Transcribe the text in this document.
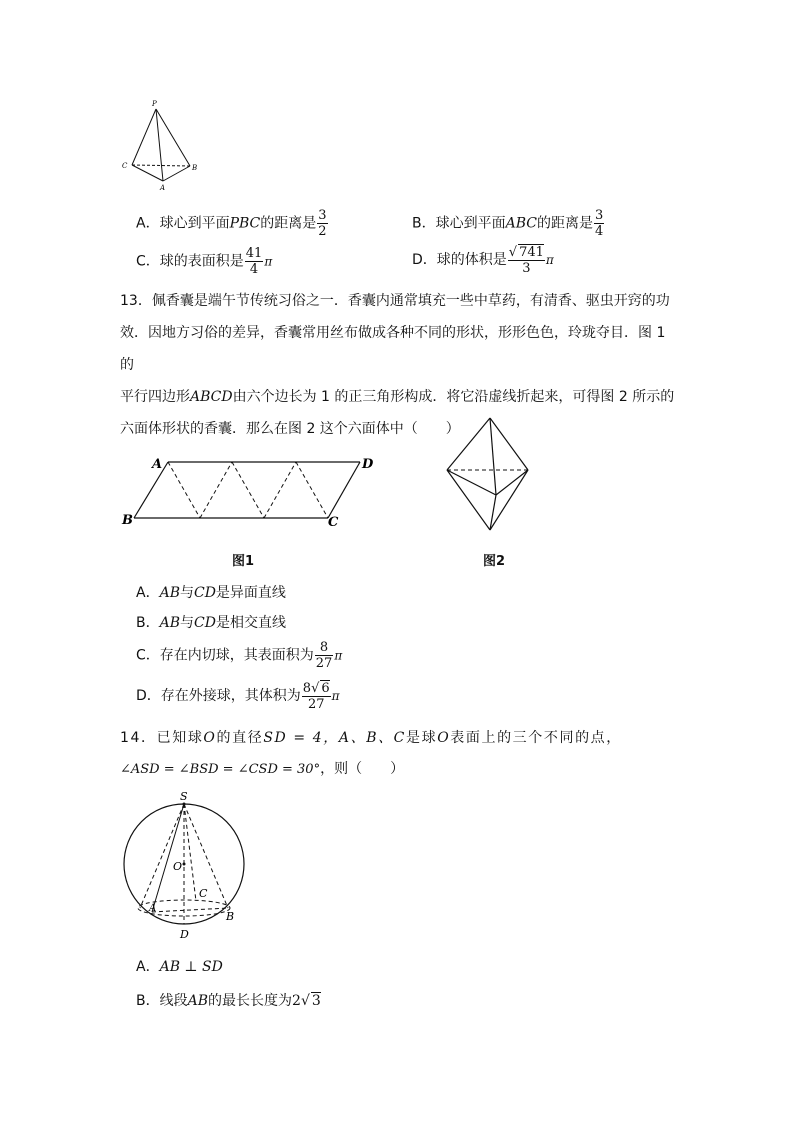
P
C	B
A
A．球心到平面PBC的距离是 $\frac{3}{2}$	B．球心到平面ABC的距离是 $\frac{3}{4}$
C．球的表面积是 $\frac{41}{4}$ π	D．球的体积是 $\frac{√ 741}{3}$ π
13．佩香囊是端午节传统习俗之一．香囊内通常填充一些中草药，有清香、驱虫开窍的功
效．因地方习俗的差异，香囊常用丝布做成各种不同的形状，形形色色，玲珑夺目．图 1 的
平行四边形ABCD由六个边长为 1 的正三角形构成．将它沿虚线折起来，可得图 2 所示的
六面体形状的香囊．那么在图 2 这个六面体中（　　）
A	D
B	C
图1	图2
A．AB与CD是异面直线
B．AB与CD是相交直线
C．存在内切球，其表面积为 $\frac{8}{27}$ π
D．存在外接球，其体积为 $\frac{8√ 6}{27}$ π
14．已知球O的直径SD = 4，A、B、C是球O表面上的三个不同的点，
∠ASD = ∠BSD = ∠CSD = 30°，则（　　）
S
O
C
A
B
D
A．AB ⊥ SD
B．线段AB的最长长度为2√ 3
